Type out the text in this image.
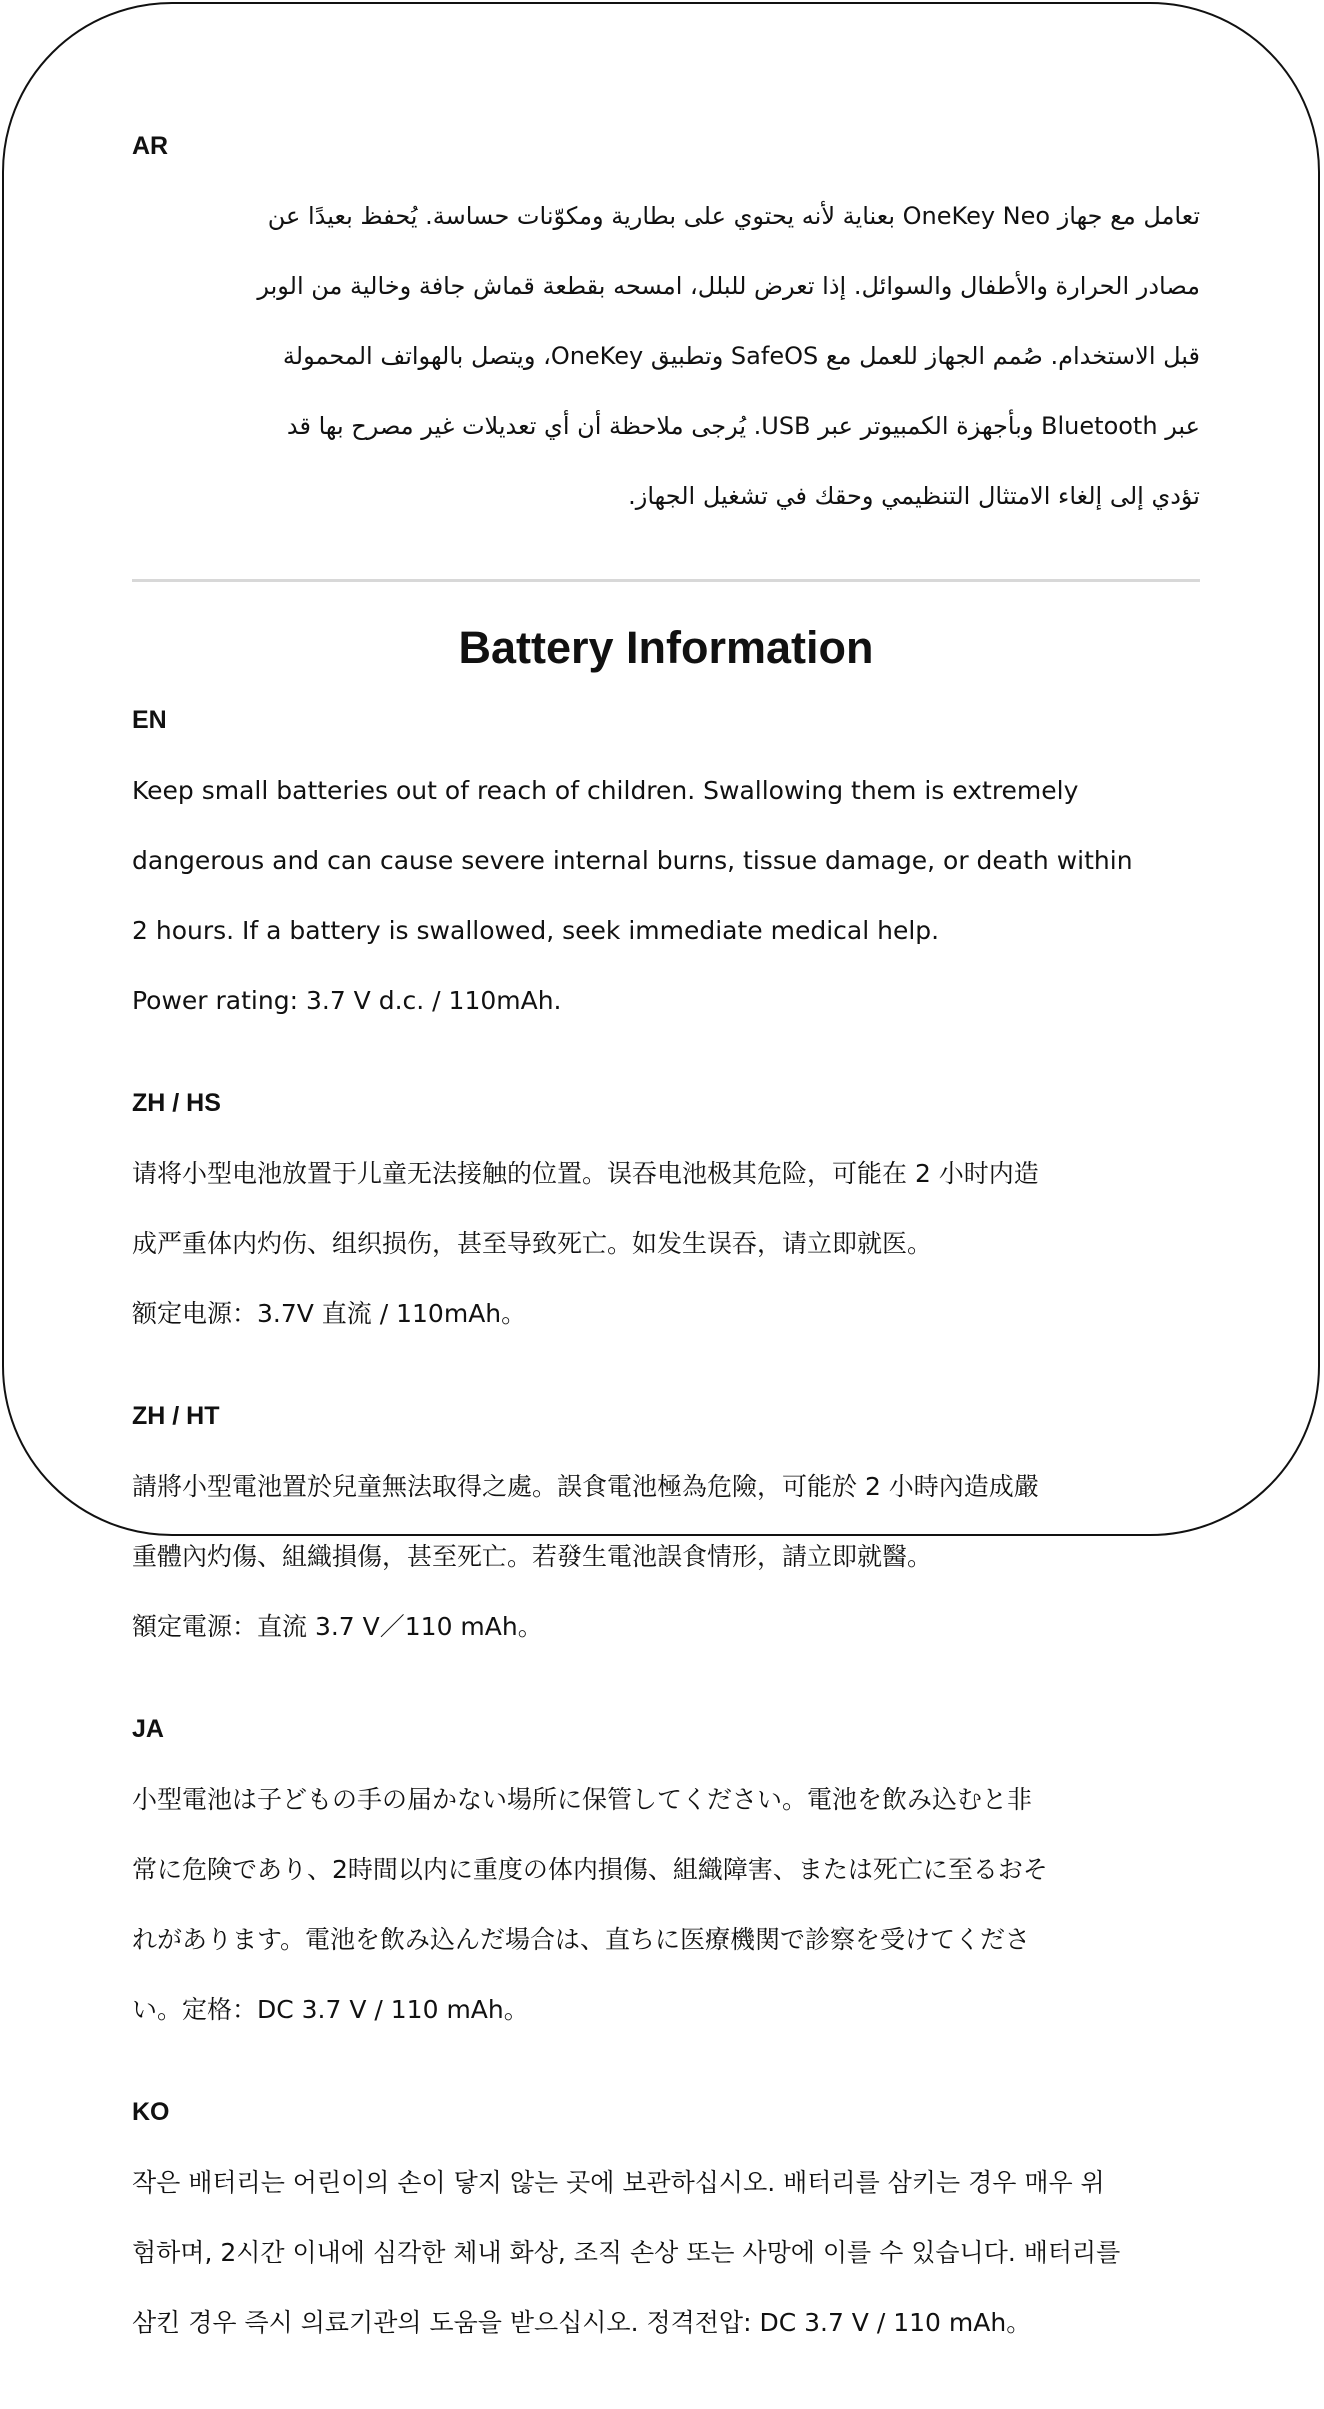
AR

تعامل مع جهاز OneKey Neo بعناية لأنه يحتوي على بطارية ومكوّنات حساسة. يُحفظ بعيدًا عن

مصادر الحرارة والأطفال والسوائل. إذا تعرض للبلل، امسحه بقطعة قماش جافة وخالية من الوبر

قبل الاستخدام. صُمم الجهاز للعمل مع SafeOS وتطبيق OneKey، ويتصل بالهواتف المحمولة

عبر Bluetooth وبأجهزة الكمبيوتر عبر USB. يُرجى ملاحظة أن أي تعديلات غير مصرح بها قد

تؤدي إلى إلغاء الامتثال التنظيمي وحقك في تشغيل الجهاز.

Battery Information
EN

Keep small batteries out of reach of children. Swallowing them is extremely

dangerous and can cause severe internal burns, tissue damage, or death within

2 hours. If a battery is swallowed, seek immediate medical help.

Power rating: 3.7 V d.c. / 110mAh.

ZH / HS

请将小型电池放置于儿童无法接触的位置。误吞电池极其危险，可能在 2 小时内造

成严重体内灼伤、组织损伤，甚至导致死亡。如发生误吞，请立即就医。

额定电源：3.7V 直流 / 110mAh。

ZH / HT

請將小型電池置於兒童無法取得之處。誤食電池極為危險，可能於 2 小時內造成嚴

重體內灼傷、組織損傷，甚至死亡。若發生電池誤食情形，請立即就醫。

額定電源：直流 3.7 V／110 mAh。

JA

小型電池は子どもの手の届かない場所に保管してください。電池を飲み込むと非

常に危険であり、2時間以内に重度の体内損傷、組織障害、または死亡に至るおそ

れがあります。電池を飲み込んだ場合は、直ちに医療機関で診察を受けてくださ

い。定格：DC 3.7 V / 110 mAh。

KO

작은 배터리는 어린이의 손이 닿지 않는 곳에 보관하십시오. 배터리를 삼키는 경우 매우 위

험하며, 2시간 이내에 심각한 체내 화상, 조직 손상 또는 사망에 이를 수 있습니다. 배터리를

삼킨 경우 즉시 의료기관의 도움을 받으십시오. 정격전압: DC 3.7 V / 110 mAh。
